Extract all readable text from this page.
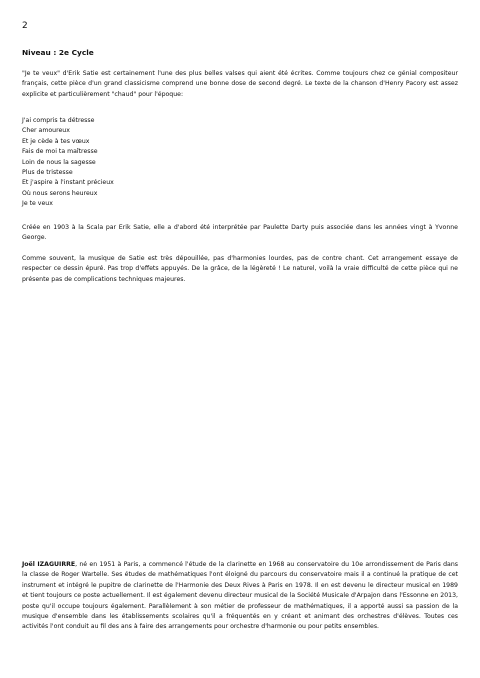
2
Niveau : 2e Cycle

"Je te veux" d'Erik Satie est certainement l'une des plus belles valses qui aient été écrites. Comme toujours chez ce génial compositeur français, cette pièce d'un grand classicisme comprend une bonne dose de second degré. Le texte de la chanson d'Henry Pacory est assez explicite et particulièrement "chaud" pour l'époque:

J'ai compris ta détresse
Cher amoureux
Et je cède à tes vœux
Fais de moi ta maîtresse
Loin de nous la sagesse
Plus de tristesse
Et j'aspire à l'instant précieux
Où nous serons heureux
Je te veux

Créée en 1903 à la Scala par Erik Satie, elle a d'abord été interprétée par Paulette Darty puis associée dans les années vingt à Yvonne George.

Comme souvent, la musique de Satie est très dépouillée, pas d'harmonies lourdes, pas de contre chant. Cet arrangement essaye de respecter ce dessin épuré. Pas trop d'effets appuyés. De la grâce, de la légèreté ! Le naturel, voilà la vraie difficulté de cette pièce qui ne présente pas de complications techniques majeures.

Joël IZAGUIRRE, né en 1951 à Paris, a commencé l'étude de la clarinette en 1968 au conservatoire du 10e arrondissement de Paris dans la classe de Roger Wartelle. Ses études de mathématiques l'ont éloigné du parcours du conservatoire mais il a continué la pratique de cet instrument et intégré le pupitre de clarinette de l'Harmonie des Deux Rives à Paris en 1978. Il en est devenu le directeur musical en 1989 et tient toujours ce poste actuellement. Il est également devenu directeur musical de la Société Musicale d'Arpajon dans l'Essonne en 2013, poste qu'il occupe toujours également. Parallèlement à son métier de professeur de mathématiques, il a apporté aussi sa passion de la musique d'ensemble dans les établissements scolaires qu'il a fréquentés en y créant et animant des orchestres d'élèves. Toutes ces activités l'ont conduit au fil des ans à faire des arrangements pour orchestre d'harmonie ou pour petits ensembles.
